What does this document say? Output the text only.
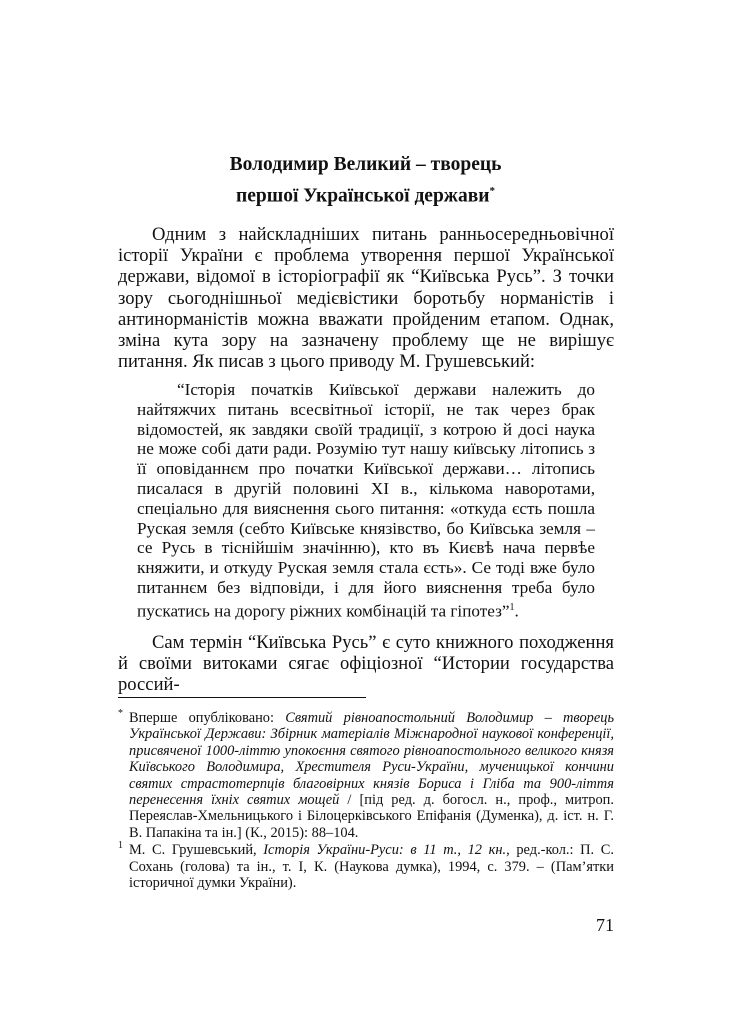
Володимир Великий – творець
першої Української держави*

Одним з найскладніших питань ранньосередньовічної історії України є проблема утворення першої Української держави, відомої в історіографії як “Київська Русь”. З точки зору сьогоднішньої медієвістики боротьбу норманістів і антинорманістів можна вважати пройденим етапом. Однак, зміна кута зору на зазначену проблему ще не вирішує питання. Як писав з цього приводу М. Грушевський:

“Історія початків Київської держави належить до найтяжчих питань всесвітньої історії, не так через брак відомостей, як завдяки своїй традиції, з котрою й досі наука не може собі дати ради. Розумію тут нашу київську літопись з її оповіданнєм про початки Київської держави… літопись писалася в другій половині XI в., кількома наворотами, спеціально для вияснення сього питання: «откуда єсть пошла Руская земля (себто Київське князівство, бо Київська земля – се Русь в тіснійшім значінню), кто въ Києвѣ нача первѣе княжити, и откуду Руская земля стала єсть». Се тоді вже було питаннєм без відповіди, і для його вияснення треба було пускатись на дорогу ріжних комбінацій та гіпотез”$^1$.

Сам термін “Київська Русь” є суто книжного походження й своїми витоками сягає офіціозної “Истории государства россий-

* Вперше опубліковано: Святий рівноапостольний Володимир – творець Української Держави: Збірник матеріалів Міжнародної наукової конференції, присвяченої 1000-літтю упокоєння святого рівноапостольного великого князя Київського Володимира, Хрестителя Руси-України, мученицької кончини святих страстотерпців благовірних князів Бориса і Гліба та 900-ліття перенесення їхніх святих мощей / [під ред. д. богосл. н., проф., митроп. Переяслав-Хмельницького і Білоцерківського Епіфанія (Думенка), д. іст. н. Г. В. Папакіна та ін.] (К., 2015): 88–104.
1 М. С. Грушевський, Історія України-Руси: в 11 т., 12 кн., ред.-кол.: П. С. Сохань (голова) та ін., т. I, К. (Наукова думка), 1994, с. 379. – (Пам’ятки історичної думки України).
71
